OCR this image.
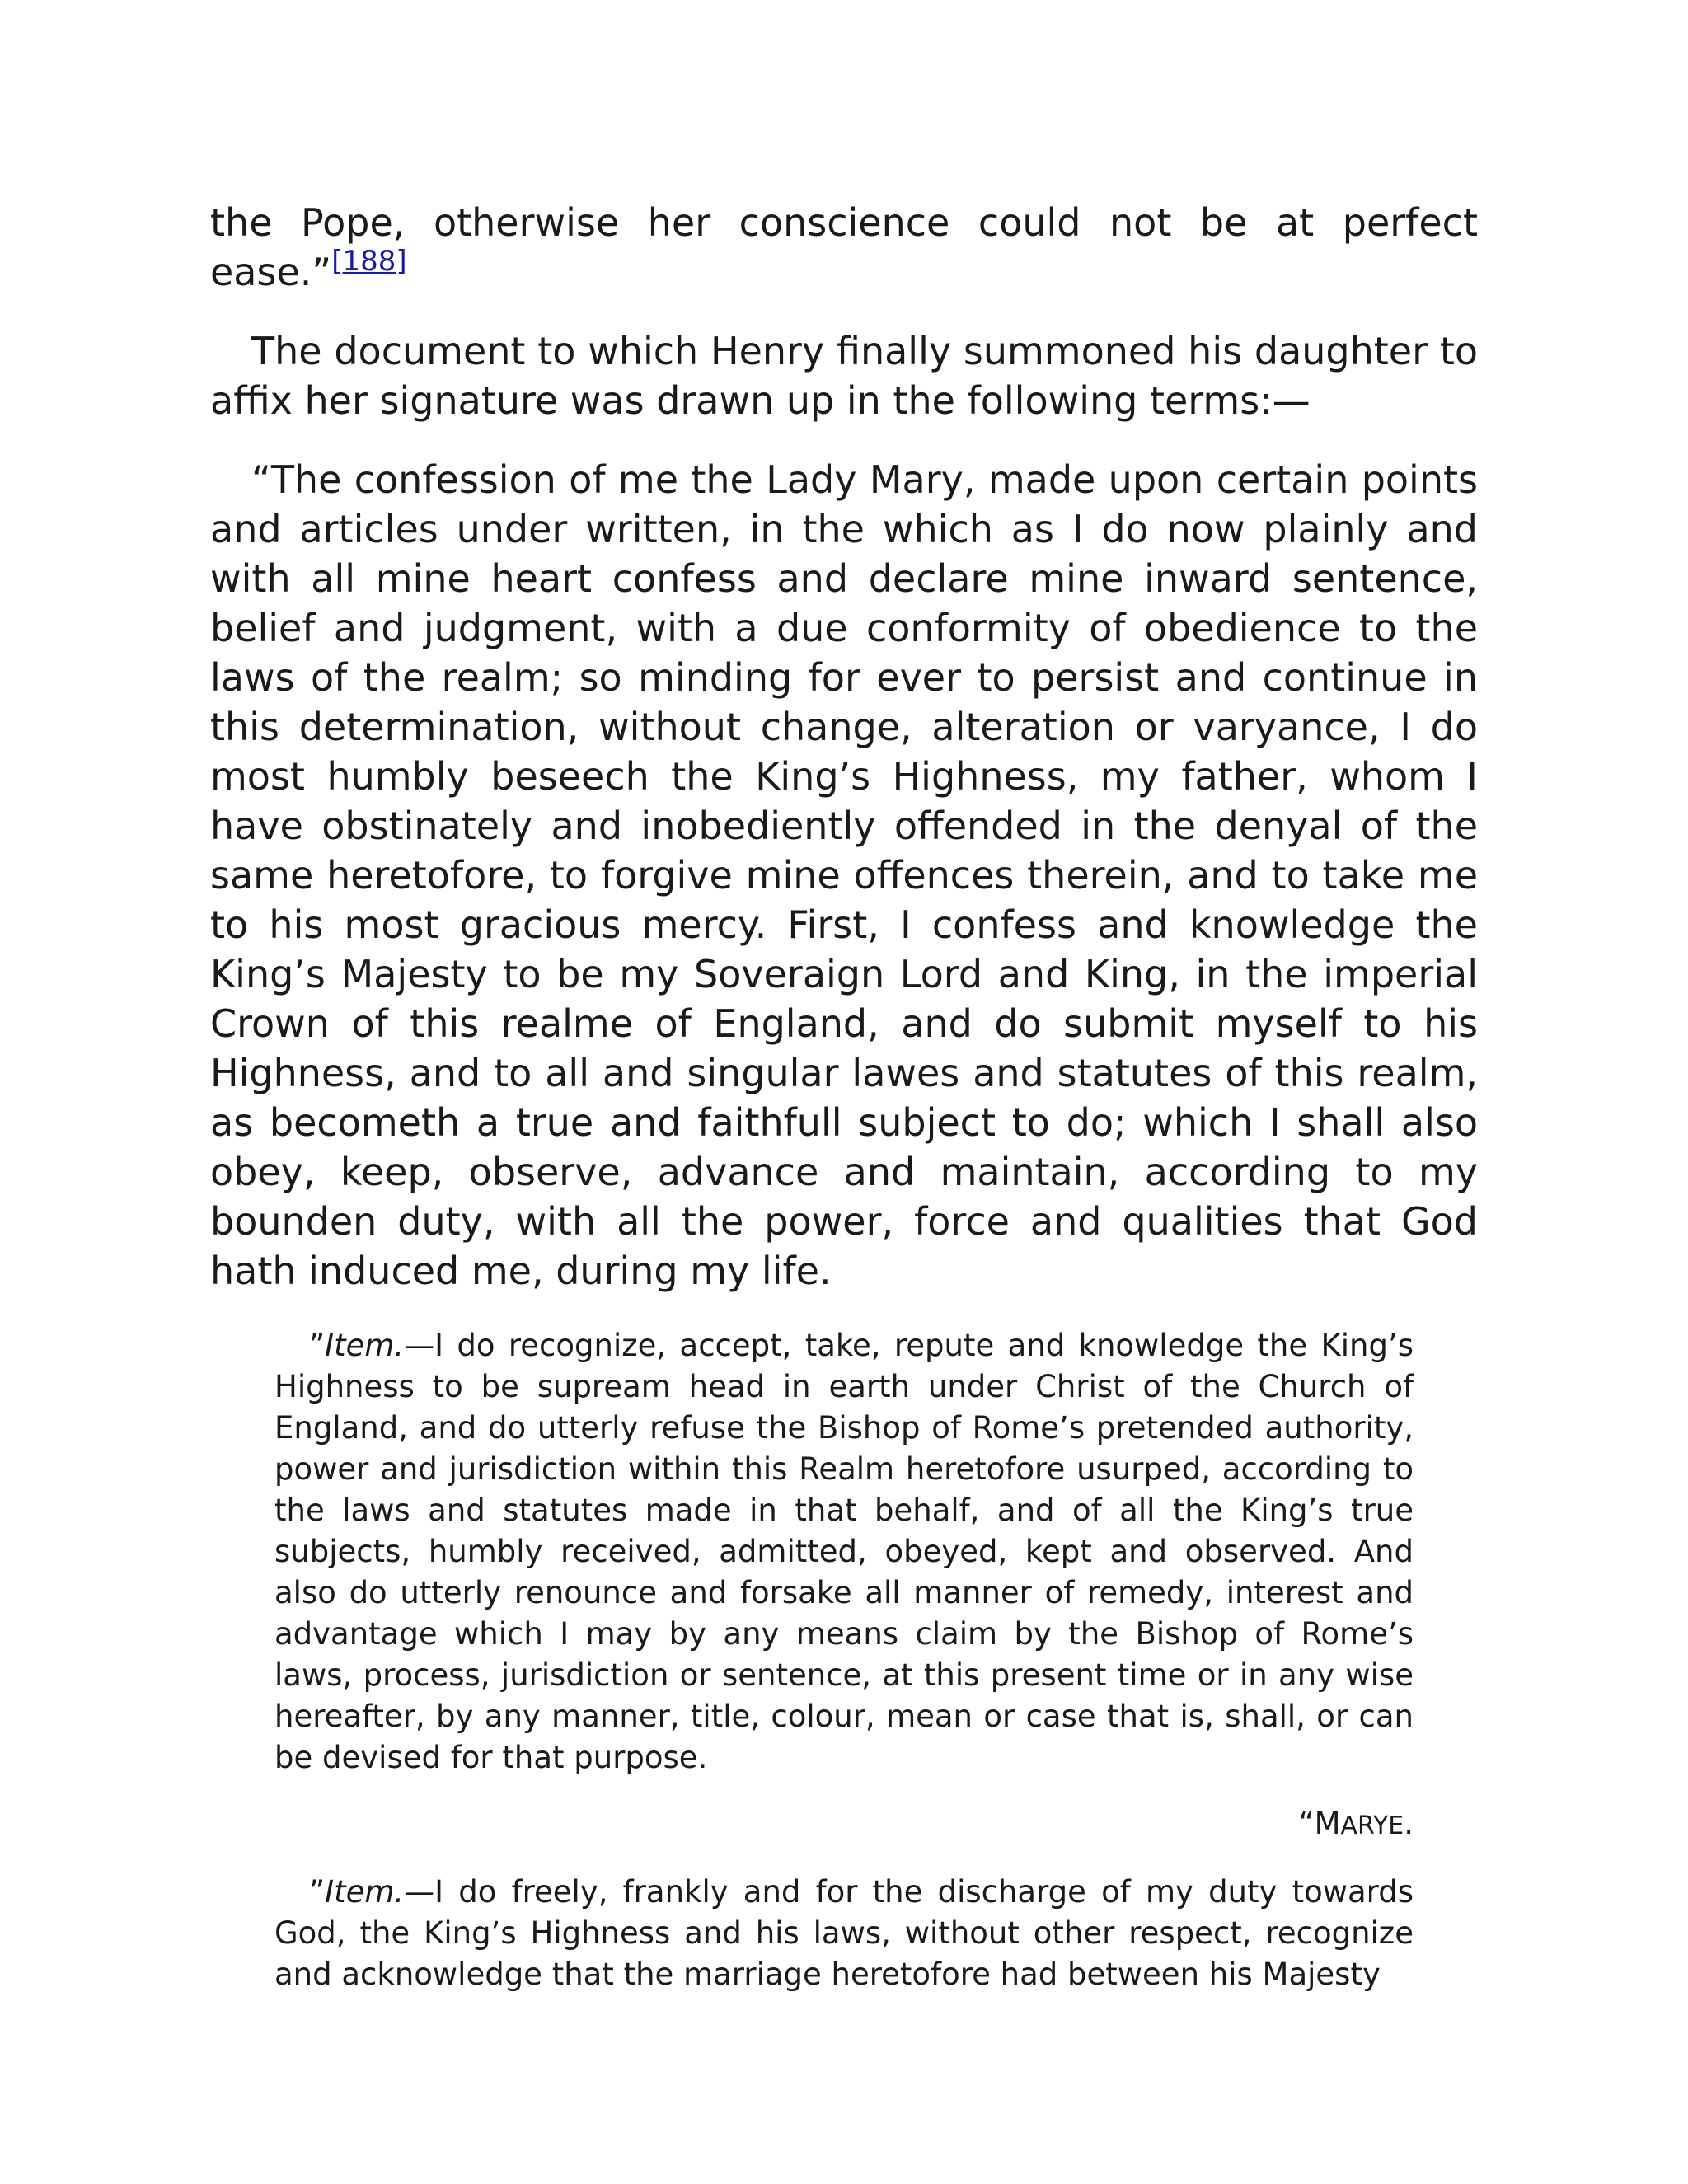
the Pope, otherwise her conscience could not be at perfect ease.”[188]

The document to which Henry finally summoned his daughter to affix her signature was drawn up in the following terms:—

“The confession of me the Lady Mary, made upon certain points and articles under written, in the which as I do now plainly and with all mine heart confess and declare mine inward sentence, belief and judgment, with a due conformity of obedience to the laws of the realm; so minding for ever to persist and continue in this determination, without change, alteration or varyance, I do most humbly beseech the King’s Highness, my father, whom I have obstinately and inobediently offended in the denyal of the same heretofore, to forgive mine offences therein, and to take me to his most gracious mercy. First, I confess and knowledge the King’s Majesty to be my Soveraign Lord and King, in the imperial Crown of this realme of England, and do submit myself to his Highness, and to all and singular lawes and statutes of this realm, as becometh a true and faithfull subject to do; which I shall also obey, keep, observe, advance and maintain, according to my bounden duty, with all the power, force and qualities that God hath induced me, during my life.

”Item.—I do recognize, accept, take, repute and knowledge the King’s Highness to be supream head in earth under Christ of the Church of England, and do utterly refuse the Bishop of Rome’s pretended authority, power and jurisdiction within this Realm heretofore usurped, according to the laws and statutes made in that behalf, and of all the King’s true subjects, humbly received, admitted, obeyed, kept and observed. And also do utterly renounce and forsake all manner of remedy, interest and advantage which I may by any means claim by the Bishop of Rome’s laws, process, jurisdiction or sentence, at this present time or in any wise hereafter, by any manner, title, colour, mean or case that is, shall, or can be devised for that purpose.

“MARYE.

”Item.—I do freely, frankly and for the discharge of my duty towards God, the King’s Highness and his laws, without other respect, recognize and acknowledge that the marriage heretofore had between his Majesty
